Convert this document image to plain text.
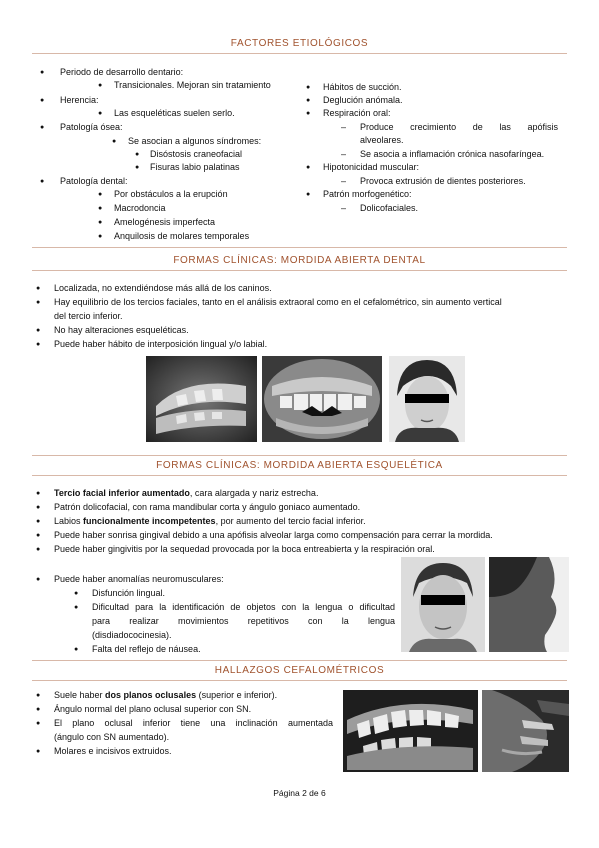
FACTORES ETIOLÓGICOS
● Periodo de desarrollo dentario:
● Transicionales. Mejoran sin tratamiento
● Herencia:
● Las esqueléticas suelen serlo.
● Patología ósea:
● Se asocian a algunos síndromes:
● Disóstosis craneofacial
● Fisuras labio palatinas
● Patología dental:
● Por obstáculos a la erupción
● Macrodoncia
● Amelogénesis imperfecta
● Anquilosis de molares temporales
● Hábitos de succión.
● Deglución anómala.
● Respiración oral:
– Produce crecimiento de las apófisis
alveolares.
– Se asocia a inflamación crónica nasofaríngea.
● Hipotonicidad muscular:
– Provoca extrusión de dientes posteriores.
● Patrón morfogenético:
– Dolicofaciales.
FORMAS CLÍNICAS: MORDIDA ABIERTA DENTAL
● Localizada, no extendiéndose más allá de los caninos.
● Hay equilibrio de los tercios faciales, tanto en el análisis extraoral como en el cefalométrico, sin aumento vertical
del tercio inferior.
● No hay alteraciones esqueléticas.
● Puede haber hábito de interposición lingual y/o labial.
FORMAS CLÍNICAS: MORDIDA ABIERTA ESQUELÉTICA
● Tercio facial inferior aumentado, cara alargada y nariz estrecha.
● Patrón dolicofacial, con rama mandibular corta y ángulo goniaco aumentado.
● Labios funcionalmente incompetentes, por aumento del tercio facial inferior.
● Puede haber sonrisa gingival debido a una apófisis alveolar larga como compensación para cerrar la mordida.
● Puede haber gingivitis por la sequedad provocada por la boca entreabierta y la respiración oral.
● Puede haber anomalías neuromusculares:
● Disfunción lingual.
● Dificultad para la identificación de objetos con la lengua o dificultad
para realizar movimientos repetitivos con la lengua
(disdiadococinesia).
● Falta del reflejo de náusea.
HALLAZGOS CEFALOMÉTRICOS
● Suele haber dos planos oclusales (superior e inferior).
● Ángulo normal del plano oclusal superior con SN.
● El plano oclusal inferior tiene una inclinación aumentada
(ángulo con SN aumentado).
● Molares e incisivos extruidos.
Página 2 de 6
